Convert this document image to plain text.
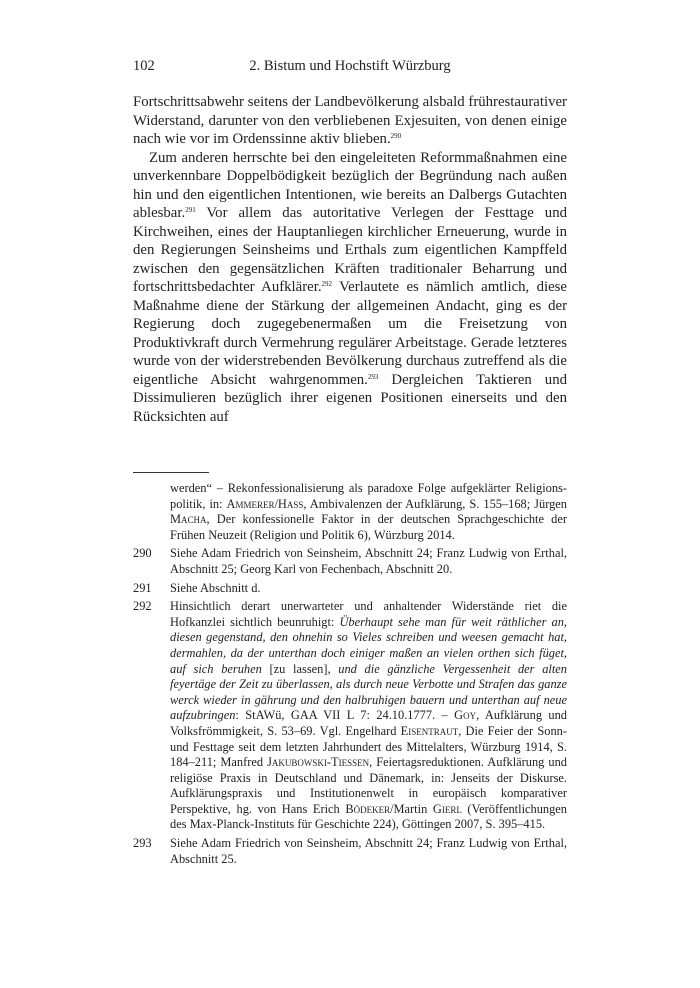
102	2. Bistum und Hochstift Würzburg

Fortschrittsabwehr seitens der Landbevölkerung alsbald frührestaurativer Widerstand, darunter von den verbliebenen Exjesuiten, von denen einige nach wie vor im Ordenssinne aktiv blieben.$^{290}$

Zum anderen herrschte bei den eingeleiteten Reformmaßnahmen eine unverkennbare Doppelbödigkeit bezüglich der Begründung nach außen hin und den eigentlichen Intentionen, wie bereits an Dalbergs Gutachten ablesbar.$^{291}$ Vor allem das autoritative Verlegen der Festtage und Kirchweihen, eines der Hauptanliegen kirchlicher Erneuerung, wurde in den Regierungen Seinsheims und Erthals zum eigentlichen Kampffeld zwischen den gegensätzlichen Kräften traditionaler Beharrung und fortschrittsbedachter Aufklärer.$^{292}$ Verlautete es nämlich amtlich, diese Maßnahme diene der Stärkung der allgemeinen Andacht, ging es der Regierung doch zugegebenermaßen um die Freisetzung von Produktivkraft durch Vermehrung regulärer Arbeitstage. Gerade letzteres wurde von der widerstrebenden Bevölkerung durchaus zutreffend als die eigentliche Absicht wahrgenommen.$^{293}$ Dergleichen Taktieren und Dissimulieren bezüglich ihrer eigenen Positionen einerseits und den Rücksichten auf

werden“ – Rekonfessionalisierung als paradoxe Folge aufgeklärter Religionspolitik, in: Ammerer/Hass, Ambivalenzen der Aufklärung, S. 155–168; Jürgen Macha, Der konfessionelle Faktor in der deutschen Sprachgeschichte der Frühen Neuzeit (Religion und Politik 6), Würzburg 2014.
290 Siehe Adam Friedrich von Seinsheim, Abschnitt 24; Franz Ludwig von Erthal, Abschnitt 25; Georg Karl von Fechenbach, Abschnitt 20.
291 Siehe Abschnitt d.
292 Hinsichtlich derart unerwarteter und anhaltender Widerstände riet die Hofkanzlei sichtlich beunruhigt: Überhaupt sehe man für weit räthlicher an, diesen gegenstand, den ohnehin so Vieles schreiben und weesen gemacht hat, dermahlen, da der unterthan doch einiger maßen an vielen orthen sich füget, auf sich beruhen [zu lassen], und die gänzliche Vergessenheit der alten feyertäge der Zeit zu überlassen, als durch neue Verbotte und Strafen das ganze werck wieder in gährung und den halbruhigen bauern und unterthan auf neue aufzubringen: StAWü, GAA VII L 7: 24.10.1777. – Goy, Aufklärung und Volksfrömmigkeit, S. 53–69. Vgl. Engelhard Eisentraut, Die Feier der Sonn- und Festtage seit dem letzten Jahrhundert des Mittelalters, Würzburg 1914, S. 184–211; Manfred Jakubowski-Tiessen, Feiertagsreduktionen. Aufklärung und religiöse Praxis in Deutschland und Dänemark, in: Jenseits der Diskurse. Aufklärungspraxis und Institutionenwelt in europäisch komparativer Perspektive, hg. von Hans Erich Bödeker/Martin Gierl (Veröffentlichungen des Max-Planck-Instituts für Geschichte 224), Göttingen 2007, S. 395–415.
293 Siehe Adam Friedrich von Seinsheim, Abschnitt 24; Franz Ludwig von Erthal, Abschnitt 25.
